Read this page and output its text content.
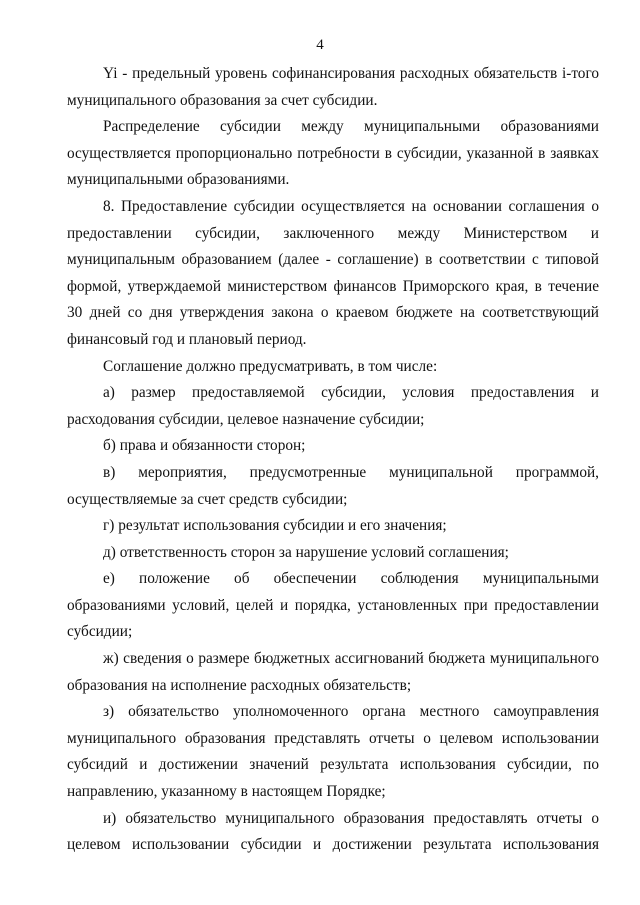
4

Yi - предельный уровень софинансирования расходных обязательств i-того муниципального образования за счет субсидии.

Распределение субсидии между муниципальными образованиями осуществляется пропорционально потребности в субсидии, указанной в заявках муниципальными образованиями.

8. Предоставление субсидии осуществляется на основании соглашения о предоставлении субсидии, заключенного между Министерством и муниципальным образованием (далее - соглашение) в соответствии с типовой формой, утверждаемой министерством финансов Приморского края, в течение 30 дней со дня утверждения закона о краевом бюджете на соответствующий финансовый год и плановый период.

Соглашение должно предусматривать, в том числе:

а) размер предоставляемой субсидии, условия предоставления и расходования субсидии, целевое назначение субсидии;

б) права и обязанности сторон;

в) мероприятия, предусмотренные муниципальной программой, осуществляемые за счет средств субсидии;

г) результат использования субсидии и его значения;

д) ответственность сторон за нарушение условий соглашения;

е) положение об обеспечении соблюдения муниципальными образованиями условий, целей и порядка, установленных при предоставлении субсидии;

ж) сведения о размере бюджетных ассигнований бюджета муниципального образования на исполнение расходных обязательств;

з) обязательство уполномоченного органа местного самоуправления муниципального образования представлять отчеты о целевом использовании субсидий и достижении значений результата использования субсидии, по направлению, указанному в настоящем Порядке;

и) обязательство муниципального образования предоставлять отчеты о целевом использовании субсидии и достижении результата использования
